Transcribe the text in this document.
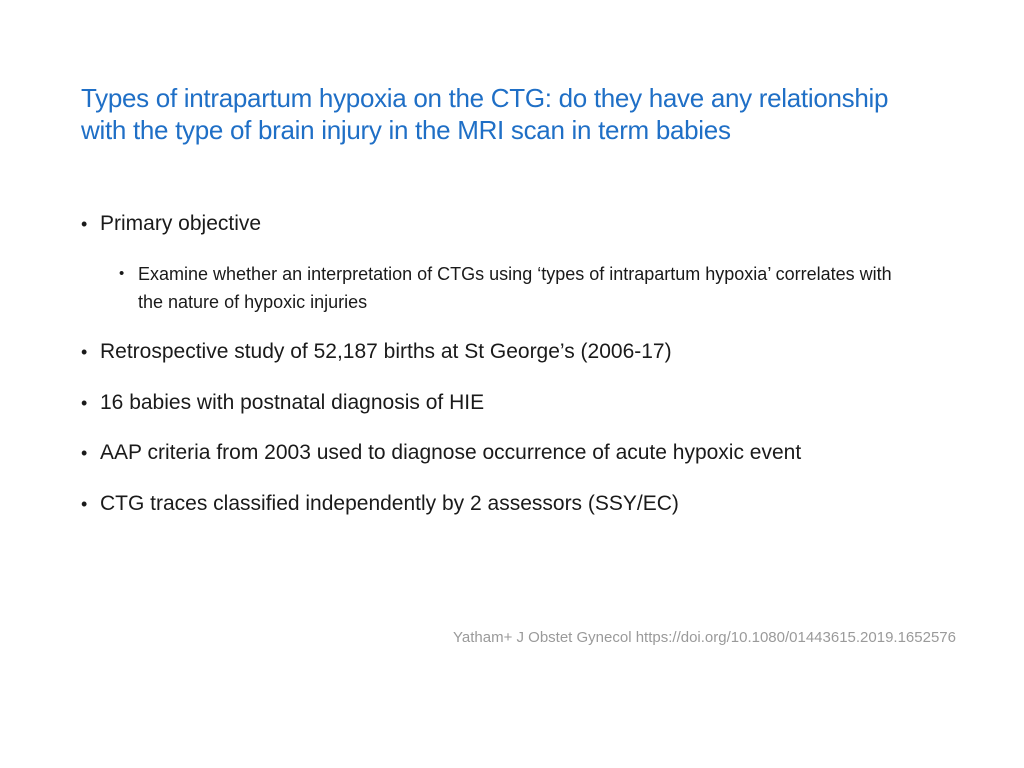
Types of intrapartum hypoxia on the CTG: do they have any relationship
with the type of brain injury in the MRI scan in term babies
• Primary objective
• Examine whether an interpretation of CTGs using ‘types of intrapartum hypoxia’ correlates with the nature of hypoxic injuries
• Retrospective study of 52,187 births at St George’s (2006-17)
• 16 babies with postnatal diagnosis of HIE
• AAP criteria from 2003 used to diagnose occurrence of acute hypoxic event
• CTG traces classified independently by 2 assessors (SSY/EC)
Yatham+ J Obstet Gynecol https://doi.org/10.1080/01443615.2019.1652576
